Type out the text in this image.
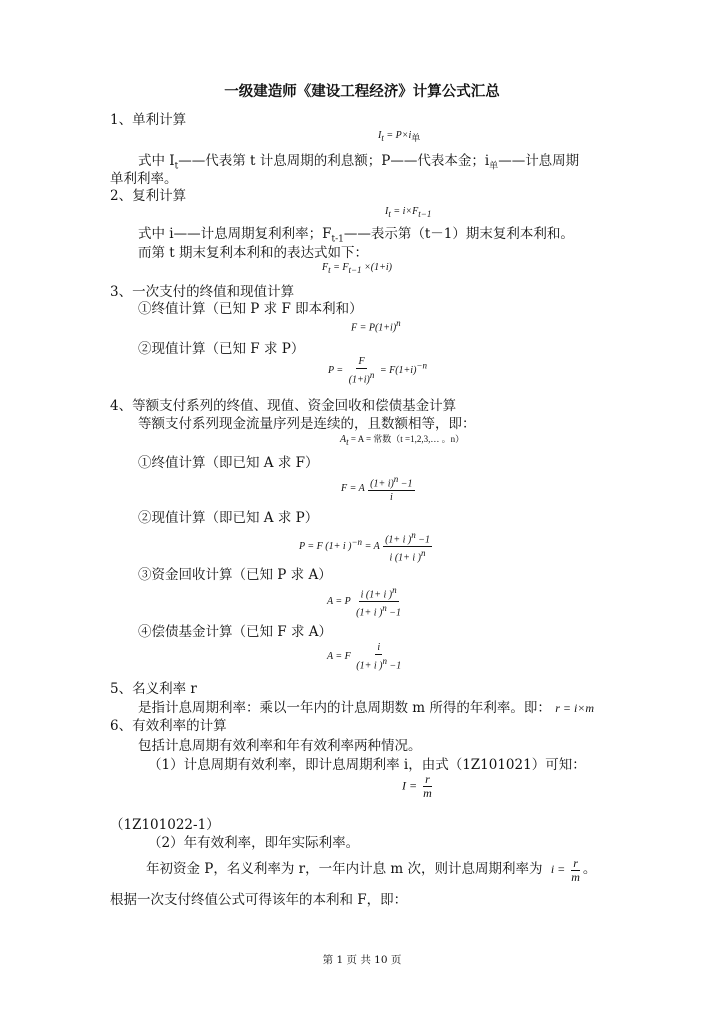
一级建造师《建设工程经济》计算公式汇总
1、单利计算
$I_t = P\times i_单$
式中 $I_t——$代表第 t 计息周期的利息额；P——代表本金；$i_单——$计息周期
单利利率。
2、复利计算
$I_t = i\times F_{t-1}$
式中 i——计息周期复利利率；$F_{t-1}——$表示第（t－1）期末复利本利和。
而第 t 期末复利本利和的表达式如下：
$F_t = F_{t-1} \times(1+i)$
3、一次支付的终值和现值计算
①终值计算（已知 P 求 F 即本利和）
$F = P(1+i)^n$
②现值计算（已知 F 求 P）
$P = \frac{F}{(1+i)^n} = F(1+i)^{-n}$
4、等额支付系列的终值、现值、资金回收和偿债基金计算
等额支付系列现金流量序列是连续的，且数额相等，即：
$A_t = A$ = 常数（t =1,2,3,… 。n）
①终值计算（即已知 A 求 F）
F = A $\frac{(1+ i)^n -1}{i}$
②现值计算（即已知 A 求 P）
P = F (1+ i )$^{-n}$ = A $\frac{(1+ i )^n -1}{i (1+ i )^n}$
③资金回收计算（已知 P 求 A）
A = P $\frac{i (1+ i )^n}{(1+ i )^n -1}$
④偿债基金计算（已知 F 求 A）
A = F $\frac{i}{(1+ i )^n -1}$
5、名义利率 r
是指计息周期利率：乘以一年内的计息周期数 m 所得的年利率。即： r = i×m
6、有效利率的计算
包括计息周期有效利率和年有效利率两种情况。
（1）计息周期有效利率，即计息周期利率 i，由式（1Z101021）可知：
$I = \frac{r}{m}$
（1Z101022-1）
（2）年有效利率，即年实际利率。
年初资金 P，名义利率为 r，一年内计息 m 次，则计息周期利率为 $i = \frac{r}{m}$ 。
根据一次支付终值公式可得该年的本利和 F，即：
第 1 页 共 10 页
